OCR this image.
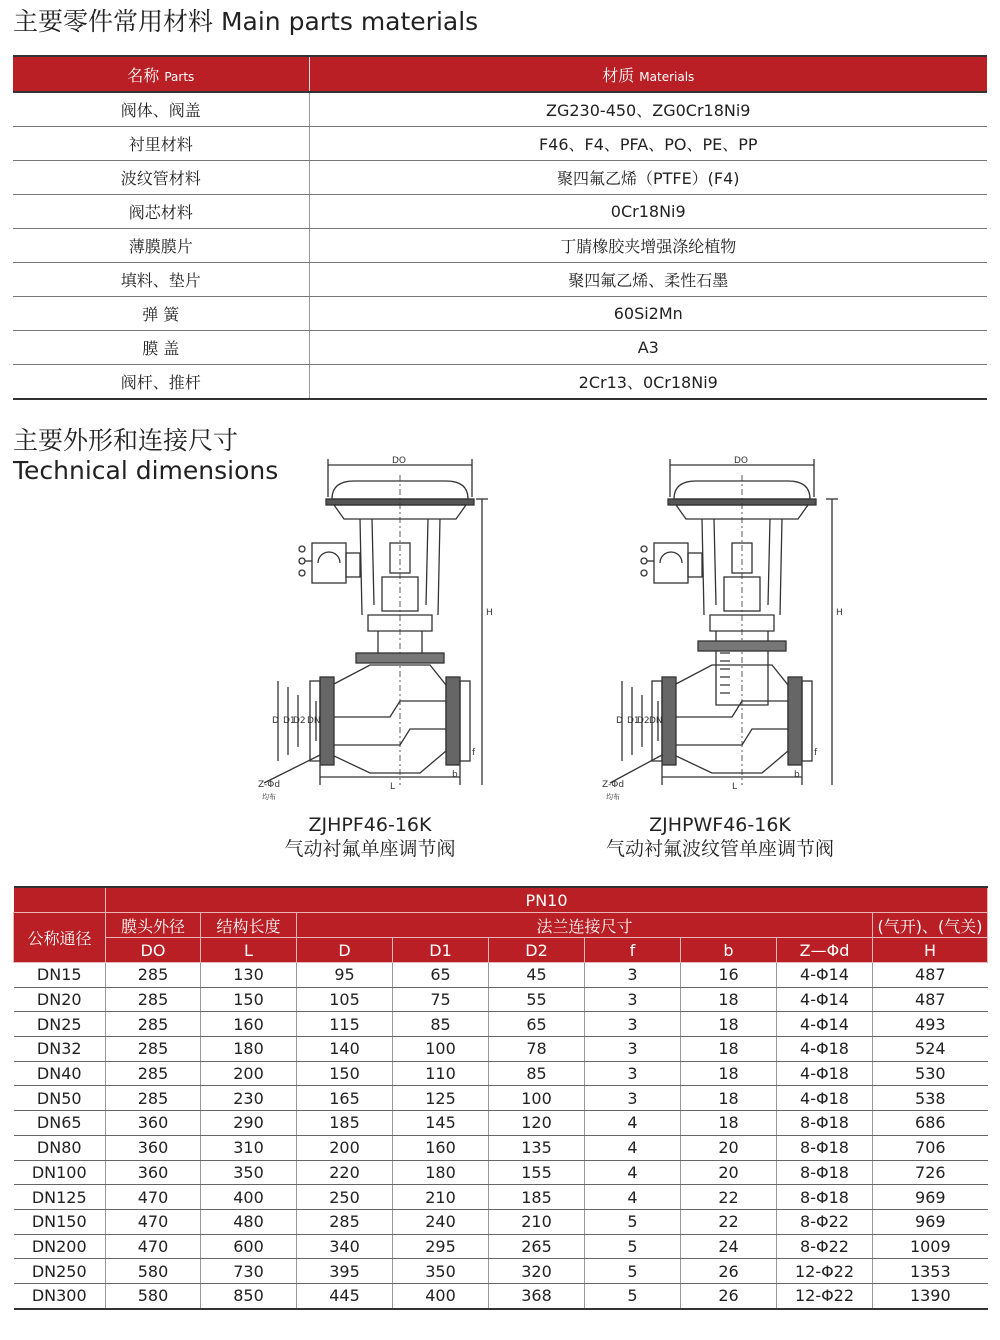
主要零件常用材料 Main parts materials
名称 Parts	材质 Materials
阀体、阀盖	ZG230-450、ZG0Cr18Ni9
衬里材料	F46、F4、PFA、PO、PE、PP
波纹管材料	聚四氟乙烯（PTFE）(F4)
阀芯材料	0Cr18Ni9
薄膜膜片	丁腈橡胶夹增强涤纶植物
填料、垫片	聚四氟乙烯、柔性石墨
弹 簧	60Si2Mn
膜 盖	A3
阀杆、推杆	2Cr13、0Cr18Ni9
主要外形和连接尺寸
Technical dimensions	DO
H
D D1
D2 DN
L
b
f
Z-Φd
均布
ZJHPF46-16K
气动衬氟单座调节阀
DO
H
D D1
D2 DN
L
b
f
Z-Φd
均布
ZJHPWF46-16K
气动衬氟波纹管单座调节阀
	PN10								
公称通径	膜头外径	结构长度	法兰连接尺寸						(气开)、(气关)
	DO	L	D	D1	D2	f	b	Z—Φd	H
DN15	285	130	95	65	45	3	16	4-Φ14	487
DN20	285	150	105	75	55	3	18	4-Φ14	487
DN25	285	160	115	85	65	3	18	4-Φ14	493
DN32	285	180	140	100	78	3	18	4-Φ18	524
DN40	285	200	150	110	85	3	18	4-Φ18	530
DN50	285	230	165	125	100	3	18	4-Φ18	538
DN65	360	290	185	145	120	4	18	8-Φ18	686
DN80	360	310	200	160	135	4	20	8-Φ18	706
DN100	360	350	220	180	155	4	20	8-Φ18	726
DN125	470	400	250	210	185	4	22	8-Φ18	969
DN150	470	480	285	240	210	5	22	8-Φ22	969
DN200	470	600	340	295	265	5	24	8-Φ22	1009
DN250	580	730	395	350	320	5	26	12-Φ22	1353
DN300	580	850	445	400	368	5	26	12-Φ22	1390
